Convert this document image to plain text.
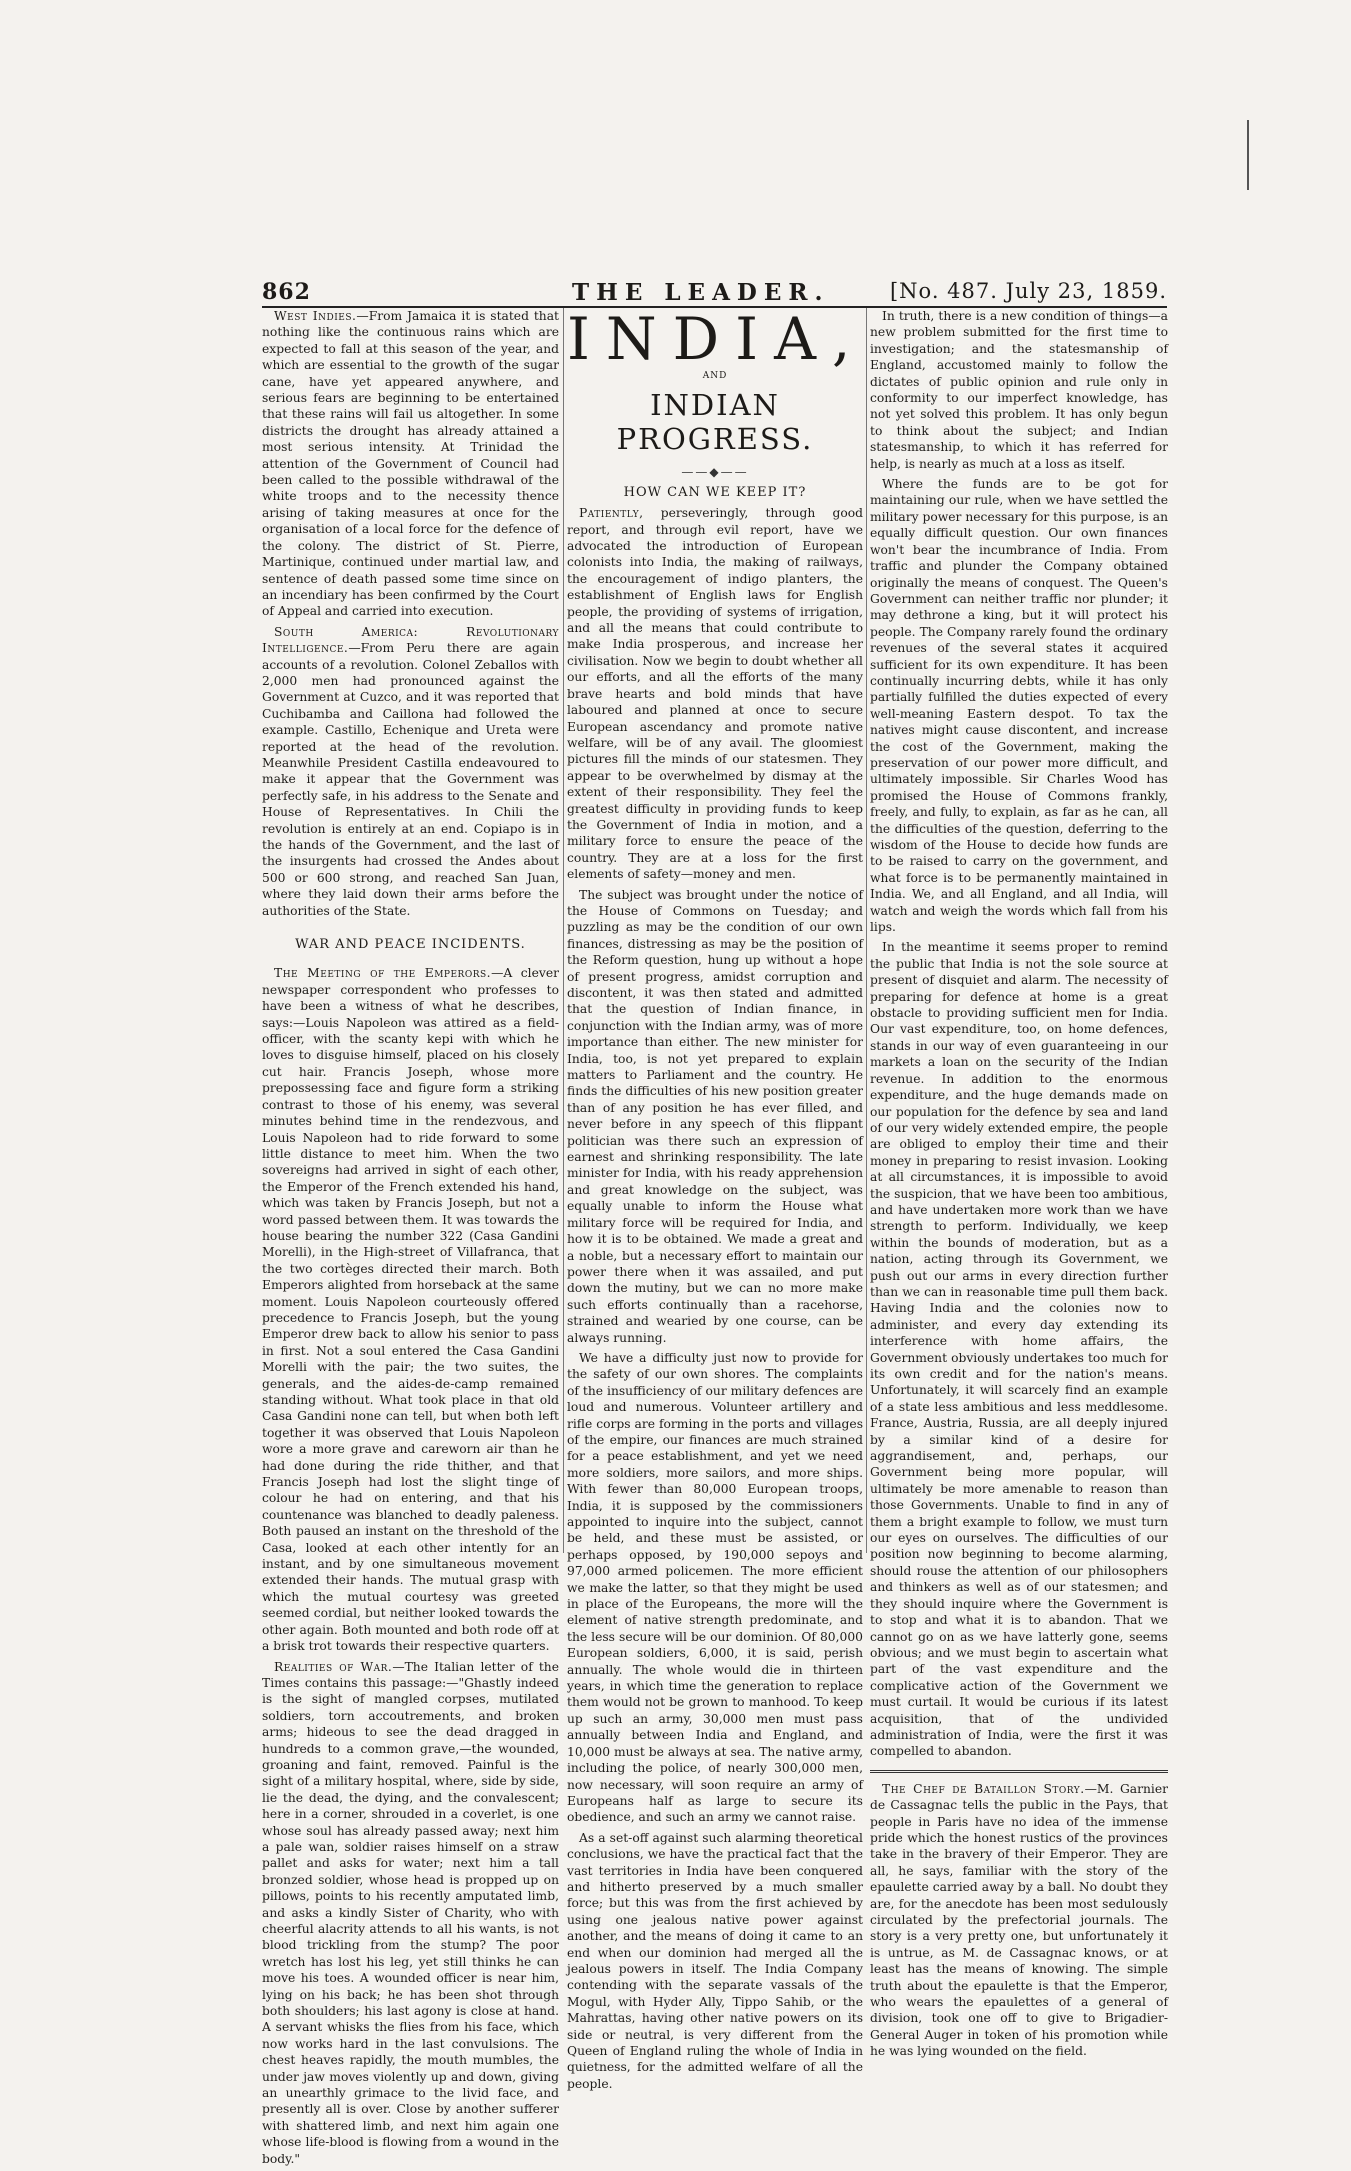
862	THE LEADER.	[No. 487. July 23, 1859.

West Indies.—From Jamaica it is stated that nothing like the continuous rains which are expected to fall at this season of the year, and which are essential to the growth of the sugar cane, have yet appeared anywhere, and serious fears are beginning to be entertained that these rains will fail us altogether. In some districts the drought has already attained a most serious intensity. At Trinidad the attention of the Government of Council had been called to the possible withdrawal of the white troops and to the necessity thence arising of taking measures at once for the organisation of a local force for the defence of the colony. The district of St. Pierre, Martinique, continued under martial law, and sentence of death passed some time since on an incendiary has been confirmed by the Court of Appeal and carried into execution.

South America: Revolutionary Intelligence.—From Peru there are again accounts of a revolution. Colonel Zeballos with 2,000 men had pronounced against the Government at Cuzco, and it was reported that Cuchibamba and Caillona had followed the example. Castillo, Echenique and Ureta were reported at the head of the revolution. Meanwhile President Castilla endeavoured to make it appear that the Government was perfectly safe, in his address to the Senate and House of Representatives. In Chili the revolution is entirely at an end. Copiapo is in the hands of the Government, and the last of the insurgents had crossed the Andes about 500 or 600 strong, and reached San Juan, where they laid down their arms before the authorities of the State.

WAR AND PEACE INCIDENTS.

The Meeting of the Emperors.—A clever newspaper correspondent who professes to have been a witness of what he describes, says:—Louis Napoleon was attired as a field-officer, with the scanty kepi with which he loves to disguise himself, placed on his closely cut hair. Francis Joseph, whose more prepossessing face and figure form a striking contrast to those of his enemy, was several minutes behind time in the rendezvous, and Louis Napoleon had to ride forward to some little distance to meet him. When the two sovereigns had arrived in sight of each other, the Emperor of the French extended his hand, which was taken by Francis Joseph, but not a word passed between them. It was towards the house bearing the number 322 (Casa Gandini Morelli), in the High-street of Villafranca, that the two cortèges directed their march. Both Emperors alighted from horseback at the same moment. Louis Napoleon courteously offered precedence to Francis Joseph, but the young Emperor drew back to allow his senior to pass in first. Not a soul entered the Casa Gandini Morelli with the pair; the two suites, the generals, and the aides-de-camp remained standing without. What took place in that old Casa Gandini none can tell, but when both left together it was observed that Louis Napoleon wore a more grave and careworn air than he had done during the ride thither, and that Francis Joseph had lost the slight tinge of colour he had on entering, and that his countenance was blanched to deadly paleness. Both paused an instant on the threshold of the Casa, looked at each other intently for an instant, and by one simultaneous movement extended their hands. The mutual grasp with which the mutual courtesy was greeted seemed cordial, but neither looked towards the other again. Both mounted and both rode off at a brisk trot towards their respective quarters.

Realities of War.—The Italian letter of the Times contains this passage:—"Ghastly indeed is the sight of mangled corpses, mutilated soldiers, torn accoutrements, and broken arms; hideous to see the dead dragged in hundreds to a common grave,—the wounded, groaning and faint, removed. Painful is the sight of a military hospital, where, side by side, lie the dead, the dying, and the convalescent; here in a corner, shrouded in a coverlet, is one whose soul has already passed away; next him a pale wan, soldier raises himself on a straw pallet and asks for water; next him a tall bronzed soldier, whose head is propped up on pillows, points to his recently amputated limb, and asks a kindly Sister of Charity, who with cheerful alacrity attends to all his wants, is not blood trickling from the stump? The poor wretch has lost his leg, yet still thinks he can move his toes. A wounded officer is near him, lying on his back; he has been shot through both shoulders; his last agony is close at hand. A servant whisks the flies from his face, which now works hard in the last convulsions. The chest heaves rapidly, the mouth mumbles, the under jaw moves violently up and down, giving an unearthly grimace to the livid face, and presently all is over. Close by another sufferer with shattered limb, and next him again one whose life-blood is flowing from a wound in the body."

INDIA,
AND
INDIAN PROGRESS.
——◆——
HOW CAN WE KEEP IT?

Patiently, perseveringly, through good report, and through evil report, have we advocated the introduction of European colonists into India, the making of railways, the encouragement of indigo planters, the establishment of English laws for English people, the providing of systems of irrigation, and all the means that could contribute to make India prosperous, and increase her civilisation. Now we begin to doubt whether all our efforts, and all the efforts of the many brave hearts and bold minds that have laboured and planned at once to secure European ascendancy and promote native welfare, will be of any avail. The gloomiest pictures fill the minds of our statesmen. They appear to be overwhelmed by dismay at the extent of their responsibility. They feel the greatest difficulty in providing funds to keep the Government of India in motion, and a military force to ensure the peace of the country. They are at a loss for the first elements of safety—money and men.

The subject was brought under the notice of the House of Commons on Tuesday; and puzzling as may be the condition of our own finances, distressing as may be the position of the Reform question, hung up without a hope of present progress, amidst corruption and discontent, it was then stated and admitted that the question of Indian finance, in conjunction with the Indian army, was of more importance than either. The new minister for India, too, is not yet prepared to explain matters to Parliament and the country. He finds the difficulties of his new position greater than of any position he has ever filled, and never before in any speech of this flippant politician was there such an expression of earnest and shrinking responsibility. The late minister for India, with his ready apprehension and great knowledge on the subject, was equally unable to inform the House what military force will be required for India, and how it is to be obtained. We made a great and a noble, but a necessary effort to maintain our power there when it was assailed, and put down the mutiny, but we can no more make such efforts continually than a racehorse, strained and wearied by one course, can be always running.

We have a difficulty just now to provide for the safety of our own shores. The complaints of the insufficiency of our military defences are loud and numerous. Volunteer artillery and rifle corps are forming in the ports and villages of the empire, our finances are much strained for a peace establishment, and yet we need more soldiers, more sailors, and more ships. With fewer than 80,000 European troops, India, it is supposed by the commissioners appointed to inquire into the subject, cannot be held, and these must be assisted, or perhaps opposed, by 190,000 sepoys and 97,000 armed policemen. The more efficient we make the latter, so that they might be used in place of the Europeans, the more will the element of native strength predominate, and the less secure will be our dominion. Of 80,000 European soldiers, 6,000, it is said, perish annually. The whole would die in thirteen years, in which time the generation to replace them would not be grown to manhood. To keep up such an army, 30,000 men must pass annually between India and England, and 10,000 must be always at sea. The native army, including the police, of nearly 300,000 men, now necessary, will soon require an army of Europeans half as large to secure its obedience, and such an army we cannot raise.

As a set-off against such alarming theoretical conclusions, we have the practical fact that the vast territories in India have been conquered and hitherto preserved by a much smaller force; but this was from the first achieved by using one jealous native power against another, and the means of doing it came to an end when our dominion had merged all the jealous powers in itself. The India Company contending with the separate vassals of the Mogul, with Hyder Ally, Tippo Sahib, or the Mahrattas, having other native powers on its side or neutral, is very different from the Queen of England ruling the whole of India in quietness, for the admitted welfare of all the people.

In truth, there is a new condition of things—a new problem submitted for the first time to investigation; and the statesmanship of England, accustomed mainly to follow the dictates of public opinion and rule only in conformity to our imperfect knowledge, has not yet solved this problem. It has only begun to think about the subject; and Indian statesmanship, to which it has referred for help, is nearly as much at a loss as itself.

Where the funds are to be got for maintaining our rule, when we have settled the military power necessary for this purpose, is an equally difficult question. Our own finances won't bear the incumbrance of India. From traffic and plunder the Company obtained originally the means of conquest. The Queen's Government can neither traffic nor plunder; it may dethrone a king, but it will protect his people. The Company rarely found the ordinary revenues of the several states it acquired sufficient for its own expenditure. It has been continually incurring debts, while it has only partially fulfilled the duties expected of every well-meaning Eastern despot. To tax the natives might cause discontent, and increase the cost of the Government, making the preservation of our power more difficult, and ultimately impossible. Sir Charles Wood has promised the House of Commons frankly, freely, and fully, to explain, as far as he can, all the difficulties of the question, deferring to the wisdom of the House to decide how funds are to be raised to carry on the government, and what force is to be permanently maintained in India. We, and all England, and all India, will watch and weigh the words which fall from his lips.

In the meantime it seems proper to remind the public that India is not the sole source at present of disquiet and alarm. The necessity of preparing for defence at home is a great obstacle to providing sufficient men for India. Our vast expenditure, too, on home defences, stands in our way of even guaranteeing in our markets a loan on the security of the Indian revenue. In addition to the enormous expenditure, and the huge demands made on our population for the defence by sea and land of our very widely extended empire, the people are obliged to employ their time and their money in preparing to resist invasion. Looking at all circumstances, it is impossible to avoid the suspicion, that we have been too ambitious, and have undertaken more work than we have strength to perform. Individually, we keep within the bounds of moderation, but as a nation, acting through its Government, we push out our arms in every direction further than we can in reasonable time pull them back. Having India and the colonies now to administer, and every day extending its interference with home affairs, the Government obviously undertakes too much for its own credit and for the nation's means. Unfortunately, it will scarcely find an example of a state less ambitious and less meddlesome. France, Austria, Russia, are all deeply injured by a similar kind of a desire for aggrandisement, and, perhaps, our Government being more popular, will ultimately be more amenable to reason than those Governments. Unable to find in any of them a bright example to follow, we must turn our eyes on ourselves. The difficulties of our position now beginning to become alarming, should rouse the attention of our philosophers and thinkers as well as of our statesmen; and they should inquire where the Government is to stop and what it is to abandon. That we cannot go on as we have latterly gone, seems obvious; and we must begin to ascertain what part of the vast expenditure and the complicative action of the Government we must curtail. It would be curious if its latest acquisition, that of the undivided administration of India, were the first it was compelled to abandon.

The Chef de Bataillon Story.—M. Garnier de Cassagnac tells the public in the Pays, that people in Paris have no idea of the immense pride which the honest rustics of the provinces take in the bravery of their Emperor. They are all, he says, familiar with the story of the epaulette carried away by a ball. No doubt they are, for the anecdote has been most sedulously circulated by the prefectorial journals. The story is a very pretty one, but unfortunately it is untrue, as M. de Cassagnac knows, or at least has the means of knowing. The simple truth about the epaulette is that the Emperor, who wears the epaulettes of a general of division, took one off to give to Brigadier-General Auger in token of his promotion while he was lying wounded on the field.
